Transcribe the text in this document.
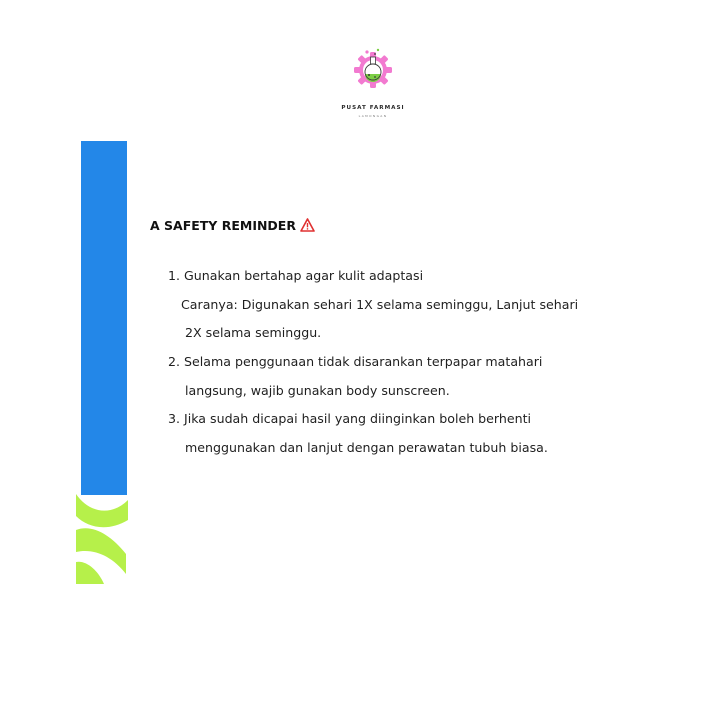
PUSAT FARMASI
LAMONGAN
A SAFETY REMINDER
1. Gunakan bertahap agar kulit adaptasi
Caranya: Digunakan sehari 1X selama seminggu, Lanjut sehari
2X selama seminggu.
2. Selama penggunaan tidak disarankan terpapar matahari
langsung, wajib gunakan body sunscreen.
3. Jika sudah dicapai hasil yang diinginkan boleh berhenti
menggunakan dan lanjut dengan perawatan tubuh biasa.
